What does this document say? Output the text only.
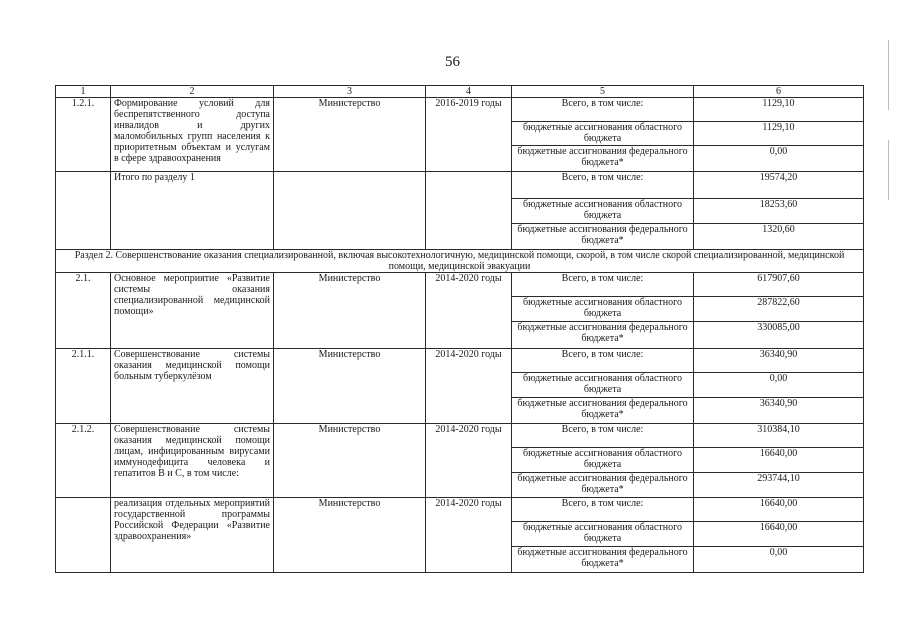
56
1	2	3	4	5	6
1.2.1.	Формирование условий для беспрепятственного доступа инвалидов и других маломобильных групп населения к приоритетным объектам и услугам в сфере здравоохранения	Министерство	2016-2019 годы	Всего, в том числе:	1129,10
				бюджетные ассигнования областного бюджета	1129,10
				бюджетные ассигнования федерального бюджета*	0,00
	Итого по разделу 1			Всего, в том числе:	19574,20
				бюджетные ассигнования областного бюджета	18253,60
				бюджетные ассигнования федерального бюджета*	1320,60
Раздел 2. Совершенствование оказания специализированной, включая высокотехнологичную, медицинской помощи, скорой, в том числе скорой специализированной, медицинской помощи, медицинской эвакуации					
2.1.	Основное мероприятие «Развитие системы оказания специализированной медицинской помощи»	Министерство	2014-2020 годы	Всего, в том числе:	617907,60
				бюджетные ассигнования областного бюджета	287822,60
				бюджетные ассигнования федерального бюджета*	330085,00
2.1.1.	Совершенствование системы оказания медицинской помощи больным туберкулёзом	Министерство	2014-2020 годы	Всего, в том числе:	36340,90
				бюджетные ассигнования областного бюджета	0,00
				бюджетные ассигнования федерального бюджета*	36340,90
2.1.2.	Совершенствование системы оказания медицинской помощи лицам, инфицированным вирусами иммунодефицита человека и гепатитов В и С, в том числе:	Министерство	2014-2020 годы	Всего, в том числе:	310384,10
				бюджетные ассигнования областного бюджета	16640,00
				бюджетные ассигнования федерального бюджета*	293744,10
	реализация отдельных мероприятий государственной программы Российской Федерации «Развитие здравоохранения»	Министерство	2014-2020 годы	Всего, в том числе:	16640,00
				бюджетные ассигнования областного бюджета	16640,00
				бюджетные ассигнования федерального бюджета*	0,00
